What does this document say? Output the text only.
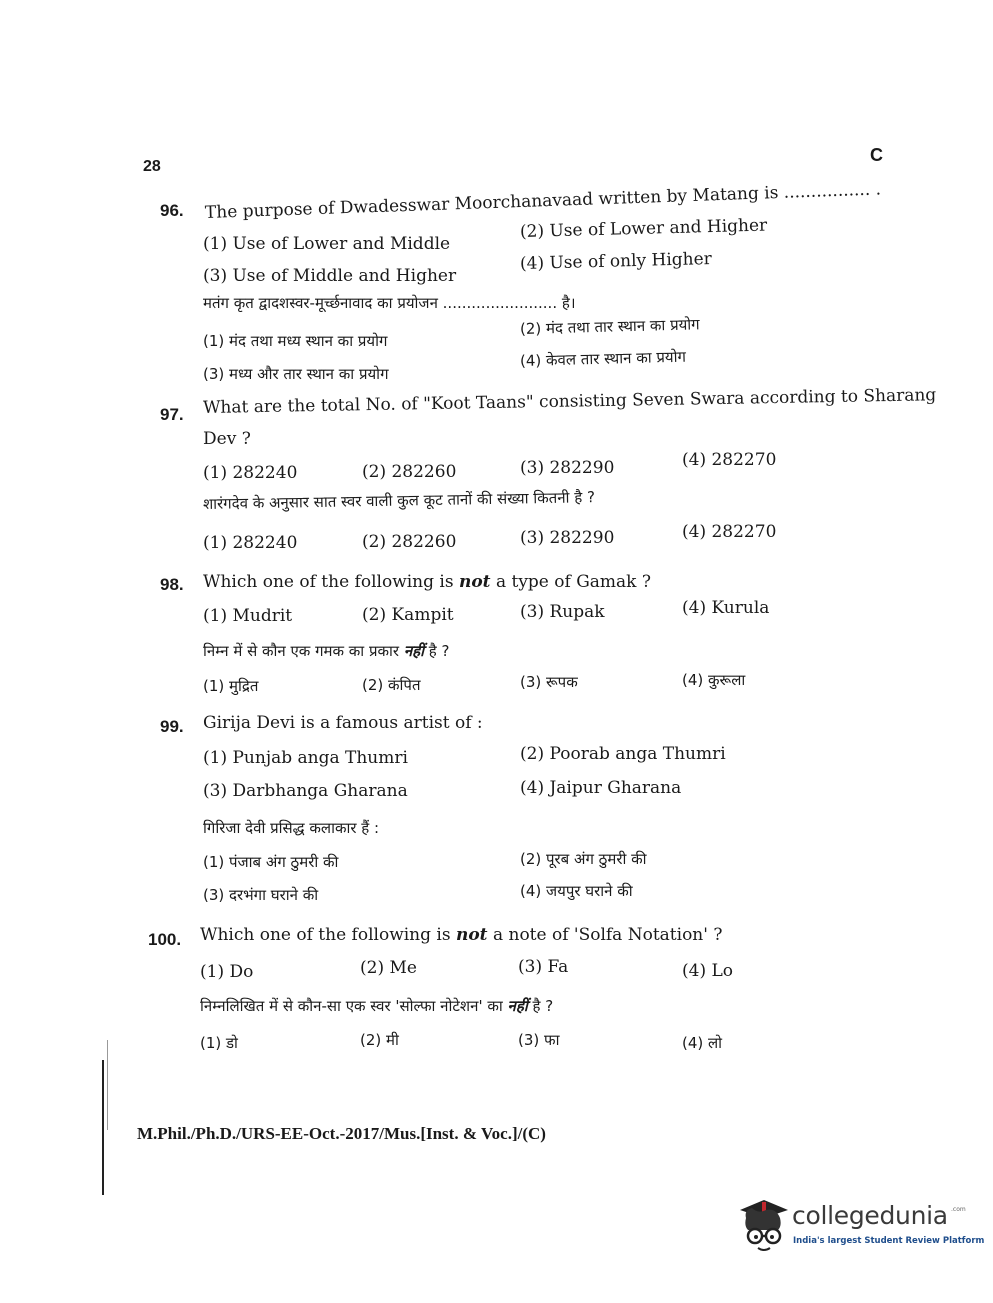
28
C
96. The purpose of Dwadesswar Moorchanavaad written by Matang is ................ .
(1) Use of Lower and Middle
(2) Use of Lower and Higher
(3) Use of Middle and Higher
(4) Use of only Higher
मतंग कृत द्वादशस्वर-मूर्च्छनावाद का प्रयोजन ........................ है।
(1) मंद तथा मध्य स्थान का प्रयोग
(2) मंद तथा तार स्थान का प्रयोग
(3) मध्य और तार स्थान का प्रयोग
(4) केवल तार स्थान का प्रयोग
97. What are the total No. of "Koot Taans" consisting Seven Swara according to Sharang
Dev ?
(1) 282240	(2) 282260	(3) 282290	(4) 282270
शारंगदेव के अनुसार सात स्वर वाली कुल कूट तानों की संख्या कितनी है ?
(1) 282240	(2) 282260	(3) 282290	(4) 282270
98. Which one of the following is not a type of Gamak ?
(1) Mudrit	(2) Kampit	(3) Rupak	(4) Kurula
निम्न में से कौन एक गमक का प्रकार नहीं है ?
(1) मुद्रित	(2) कंपित	(3) रूपक	(4) कुरूला
99. Girija Devi is a famous artist of :
(1) Punjab anga Thumri	(2) Poorab anga Thumri
(3) Darbhanga Gharana	(4) Jaipur Gharana
गिरिजा देवी प्रसिद्ध कलाकार हैं :
(1) पंजाब अंग ठुमरी की	(2) पूरब अंग ठुमरी की
(3) दरभंगा घराने की	(4) जयपुर घराने की
100. Which one of the following is not a note of 'Solfa Notation' ?
(1) Do	(2) Me	(3) Fa	(4) Lo
निम्नलिखित में से कौन-सा एक स्वर 'सोल्फा नोटेशन' का नहीं है ?
(1) डो	(2) मी	(3) फा	(4) लो
M.Phil./Ph.D./URS-EE-Oct.-2017/Mus.[Inst. & Voc.]/(C)
collegedunia .com
India's largest Student Review Platform
